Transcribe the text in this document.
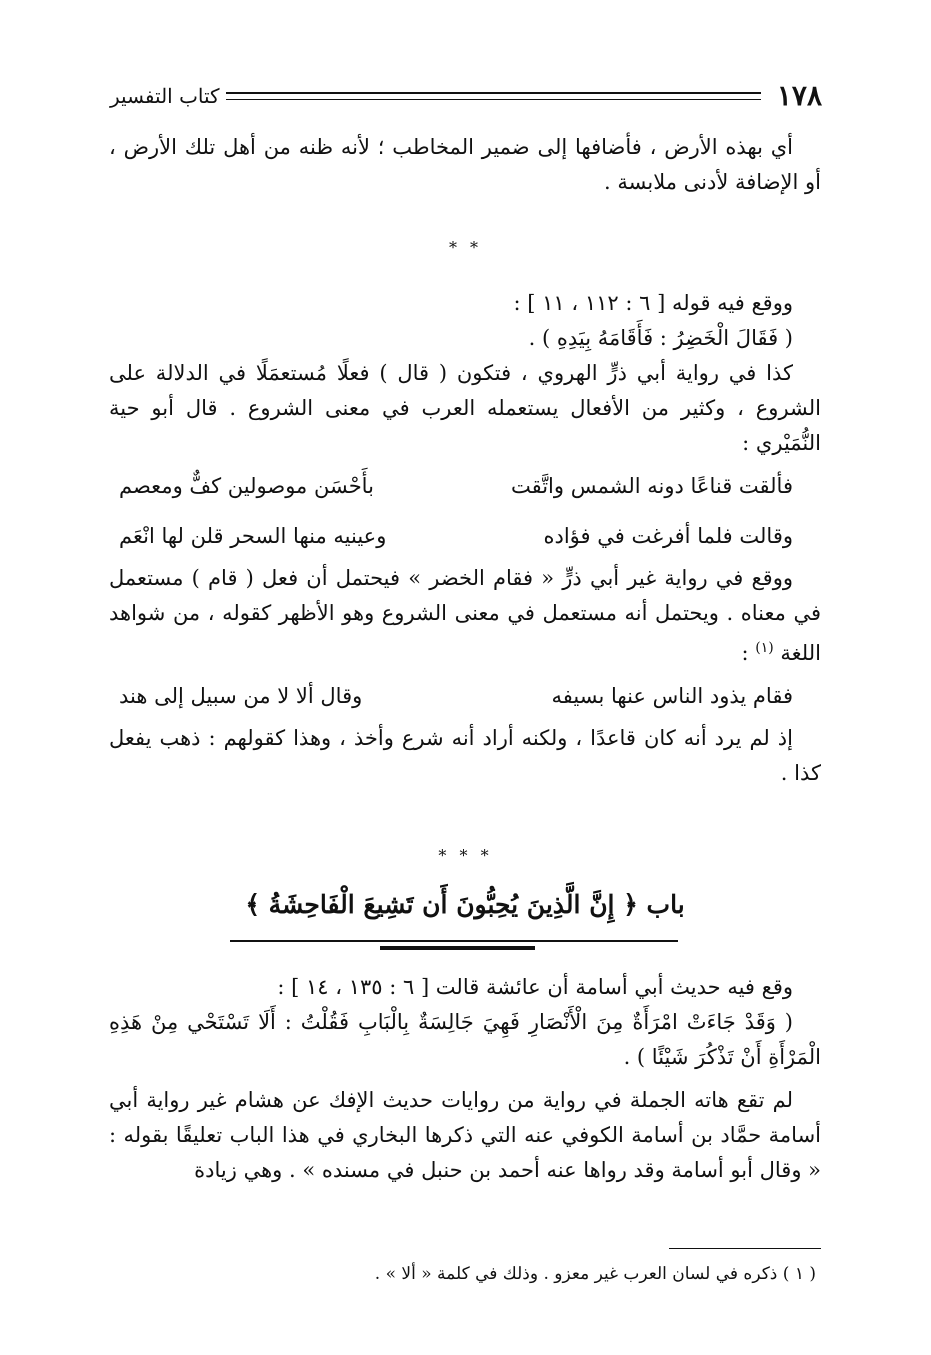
١٧٨
كتاب التفسير

أي بهذه الأرض ، فأضافها إلى ضمير المخاطب ؛ لأنه ظنه من أهل تلك الأرض ، أو الإضافة لأدنى ملابسة .

* *

ووقع فيه قوله [ ٦ : ١١٢ ، ١١ ] :

( فَقَالَ الْخَضِرُ : فَأَقَامَهُ بِيَدِهِ ) .

كذا في رواية أبي ذرٍّ الهروي ، فتكون ( قال ) فعلًا مُستعمَلًا في الدلالة على الشروع ، وكثير من الأفعال يستعمله العرب في معنى الشروع . قال أبو حية النُّمَيْري :

فألقت قناعًا دونه الشمس واتَّقت
بأَحْسَن موصولين كفٌّ ومعصم
وقالت فلما أفرغت في فؤاده
وعينيه منها السحر قلن لها انْعَم

ووقع في رواية غير أبي ذرٍّ « فقام الخضر » فيحتمل أن فعل ( قام ) مستعمل في معناه . ويحتمل أنه مستعمل في معنى الشروع وهو الأظهر كقوله ، من شواهد اللغة $^{(١)}$ :

فقام يذود الناس عنها بسيفه
وقال ألا لا من سبيل إلى هند

إذ لم يرد أنه كان قاعدًا ، ولكنه أراد أنه شرع وأخذ ، وهذا كقولهم : ذهب يفعل كذا .

* * *
باب ﴿ إِنَّ الَّذِينَ يُحِبُّونَ أَن تَشِيعَ الْفَاحِشَةُ ﴾

وقع فيه حديث أبي أسامة أن عائشة قالت [ ٦ : ١٣٥ ، ١٤ ] :

( وَقَدْ جَاءَتْ امْرَأَةٌ مِنَ الْأَنْصَارِ فَهِيَ جَالِسَةٌ بِالْبَابِ فَقُلْتُ : أَلَا تَسْتَحْي مِنْ هَذِهِ الْمَرْأَةِ أَنْ تَذْكُرَ شَيْئًا ) .

لم تقع هاته الجملة في رواية من روايات حديث الإفك عن هشام غير رواية أبي أسامة حمَّاد بن أسامة الكوفي عنه التي ذكرها البخاري في هذا الباب تعليقًا بقوله : « وقال أبو أسامة وقد رواها عنه أحمد بن حنبل في مسنده » . وهي زيادة

( ١ ) ذكره في لسان العرب غير معزو . وذلك في كلمة « ألا » .
